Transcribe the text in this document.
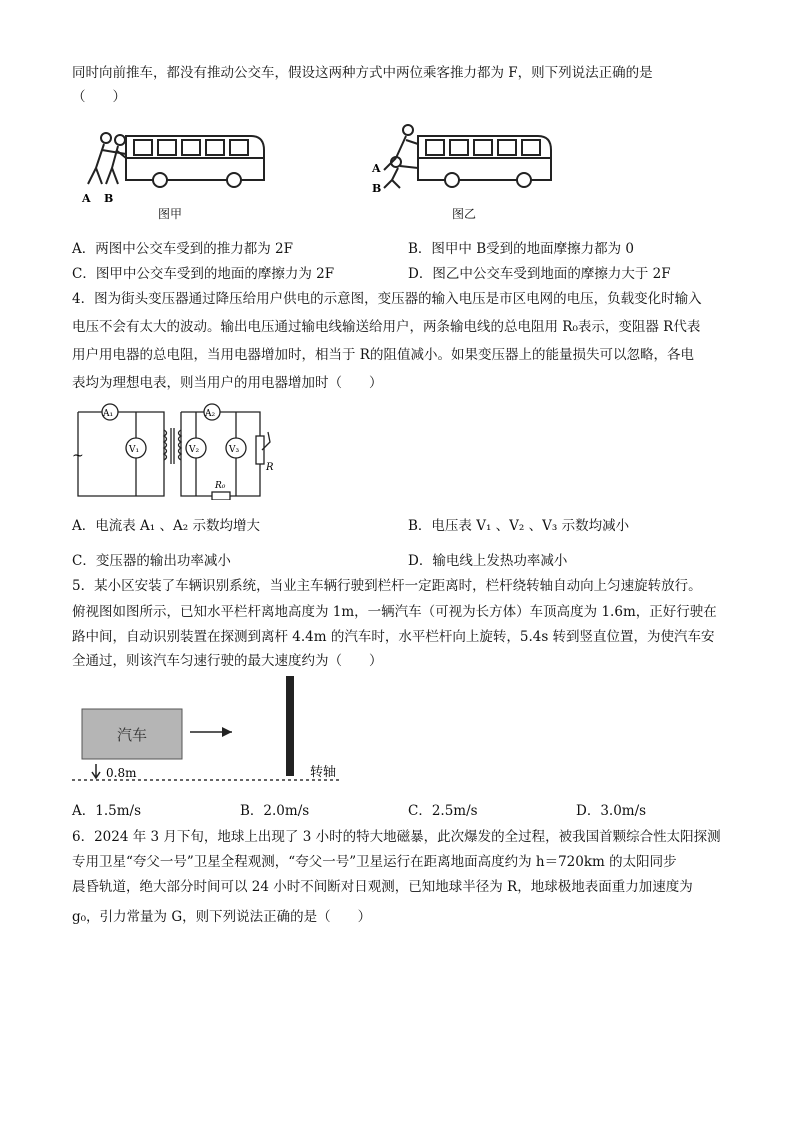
同时向前推车，都没有推动公交车，假设这两种方式中两位乘客推力都为 F，则下列说法正确的是
（　　）
A B
图甲
A
B
图乙
A．两图中公交车受到的推力都为 2F	B．图甲中 B受到的地面摩擦力都为 0
C．图甲中公交车受到的地面的摩擦力为 2F	D．图乙中公交车受到地面的摩擦力大于 2F
4．图为街头变压器通过降压给用户供电的示意图，变压器的输入电压是市区电网的电压，负载变化时输入
电压不会有太大的波动。输出电压通过输电线输送给用户，两条输电线的总电阻用 R₀表示，变阻器 R代表
用户用电器的总电阻，当用电器增加时，相当于 R的阻值减小。如果变压器上的能量损失可以忽略，各电
表均为理想电表，则当用户的用电器增加时（　　）
A₁	A₂
V₁	V₂	V₃
R₀
R
~
A．电流表 A₁ 、A₂ 示数均增大	B．电压表 V₁ 、V₂ 、V₃ 示数均减小
C．变压器的输出功率减小	D．输电线上发热功率减小
5．某小区安装了车辆识别系统，当业主车辆行驶到栏杆一定距离时，栏杆绕转轴自动向上匀速旋转放行。
俯视图如图所示，已知水平栏杆离地高度为 1m，一辆汽车（可视为长方体）车顶高度为 1.6m，正好行驶在
路中间，自动识别装置在探测到离杆 4.4m 的汽车时，水平栏杆向上旋转，5.4s 转到竖直位置，为使汽车安
全通过，则该汽车匀速行驶的最大速度约为（　　）
汽车
0.8m	转轴
A．1.5m/s	B．2.0m/s	C．2.5m/s	D．3.0m/s
6．2024 年 3 月下旬，地球上出现了 3 小时的特大地磁暴，此次爆发的全过程，被我国首颗综合性太阳探测
专用卫星“夸父一号”卫星全程观测，“夸父一号”卫星运行在距离地面高度约为 h＝720km 的太阳同步
晨昏轨道，绝大部分时间可以 24 小时不间断对日观测，已知地球半径为 R，地球极地表面重力加速度为
g₀，引力常量为 G，则下列说法正确的是（　　）
